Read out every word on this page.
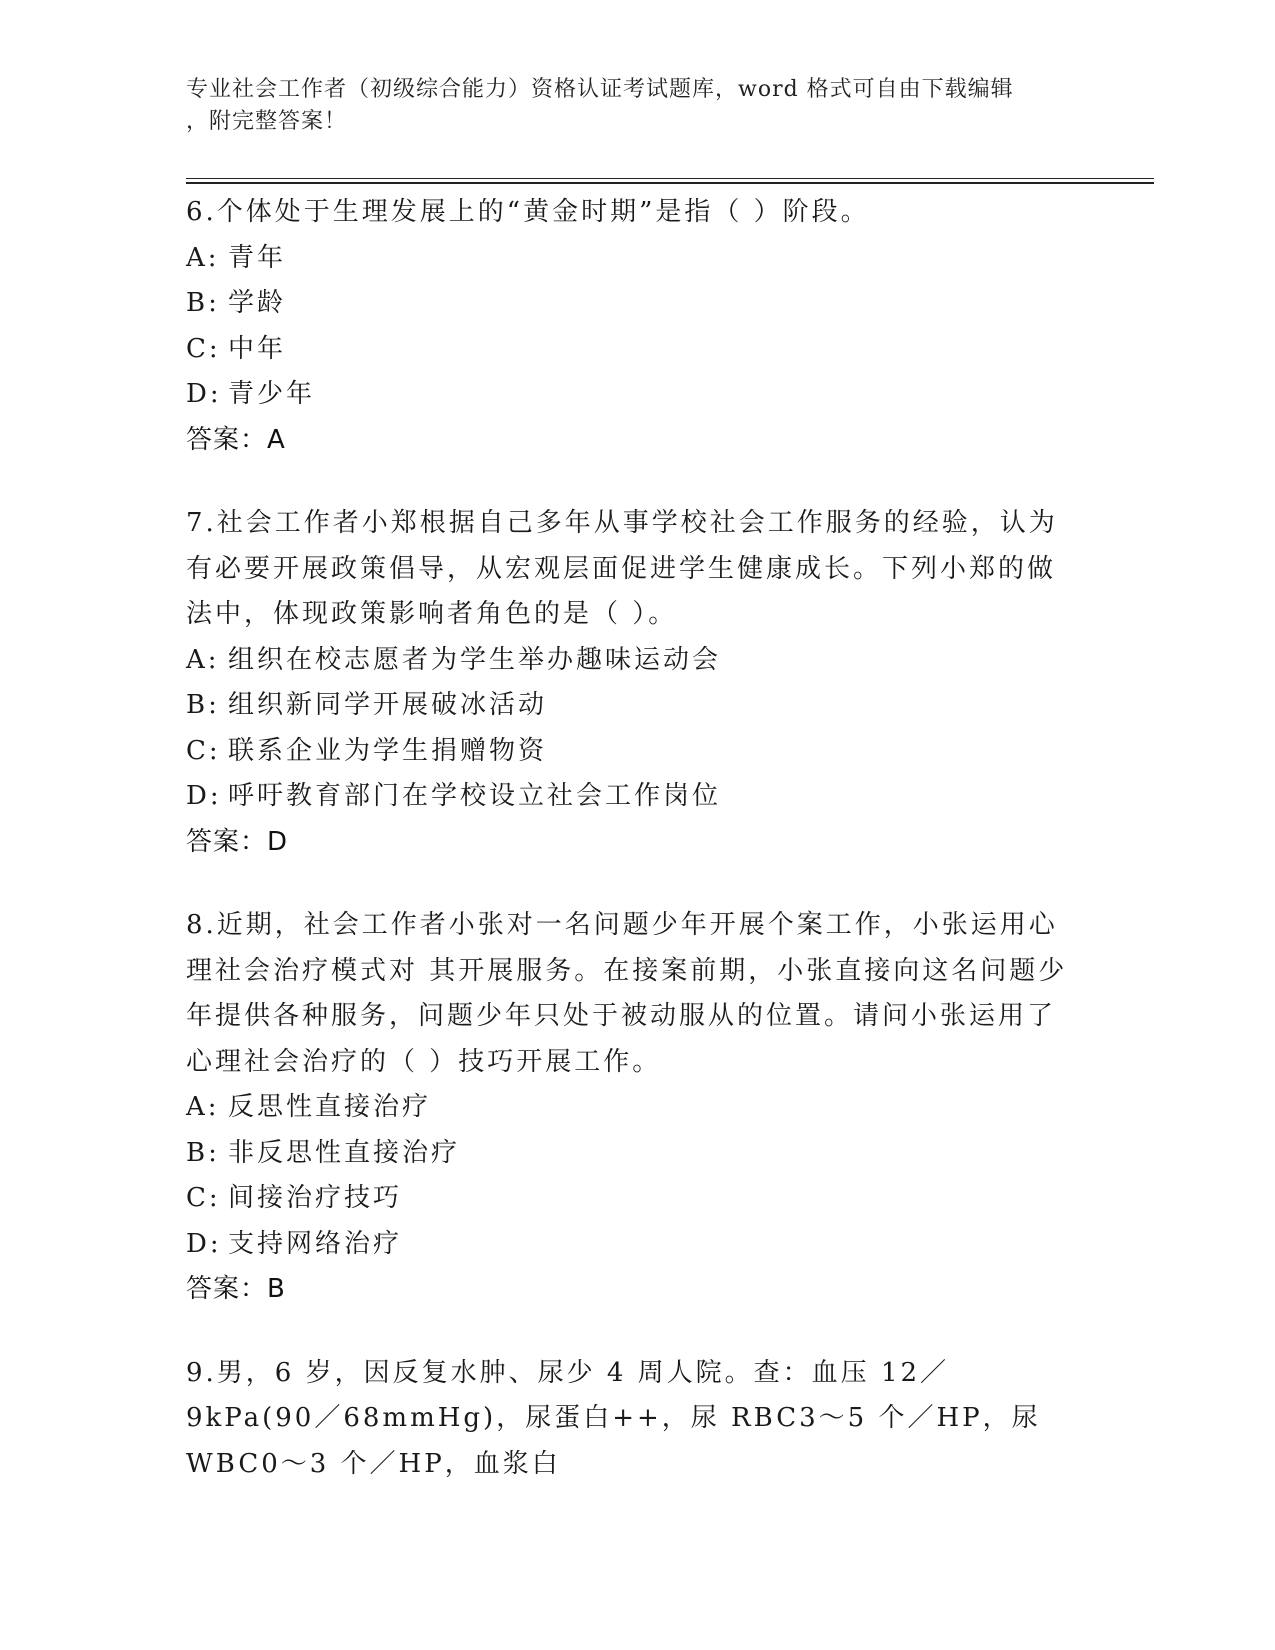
专业社会工作者（初级综合能力）资格认证考试题库，word 格式可自由下载编辑
，附完整答案！

6.个体处于生理发展上的“黄金时期”是指（ ）阶段。

A: 青年

B: 学龄

C: 中年

D: 青少年

答案：A

7.社会工作者小郑根据自己多年从事学校社会工作服务的经验，认为有必要开展政策倡导，从宏观层面促进学生健康成长。下列小郑的做法中，体现政策影响者角色的是（ ）。

A: 组织在校志愿者为学生举办趣味运动会

B: 组织新同学开展破冰活动

C: 联系企业为学生捐赠物资

D: 呼吁教育部门在学校设立社会工作岗位

答案：D

8.近期，社会工作者小张对一名问题少年开展个案工作，小张运用心理社会治疗模式对 其开展服务。在接案前期，小张直接向这名问题少年提供各种服务，问题少年只处于被动服从的位置。请问小张运用了心理社会治疗的（ ）技巧开展工作。

A: 反思性直接治疗

B: 非反思性直接治疗

C: 间接治疗技巧

D: 支持网络治疗

答案：B

9.男，6 岁，因反复水肿、尿少 4 周人院。查：血压 12／9kPa(90／68mmHg)，尿蛋白++，尿 RBC3～5 个／HP，尿 WBC0～3 个／HP，血浆白
